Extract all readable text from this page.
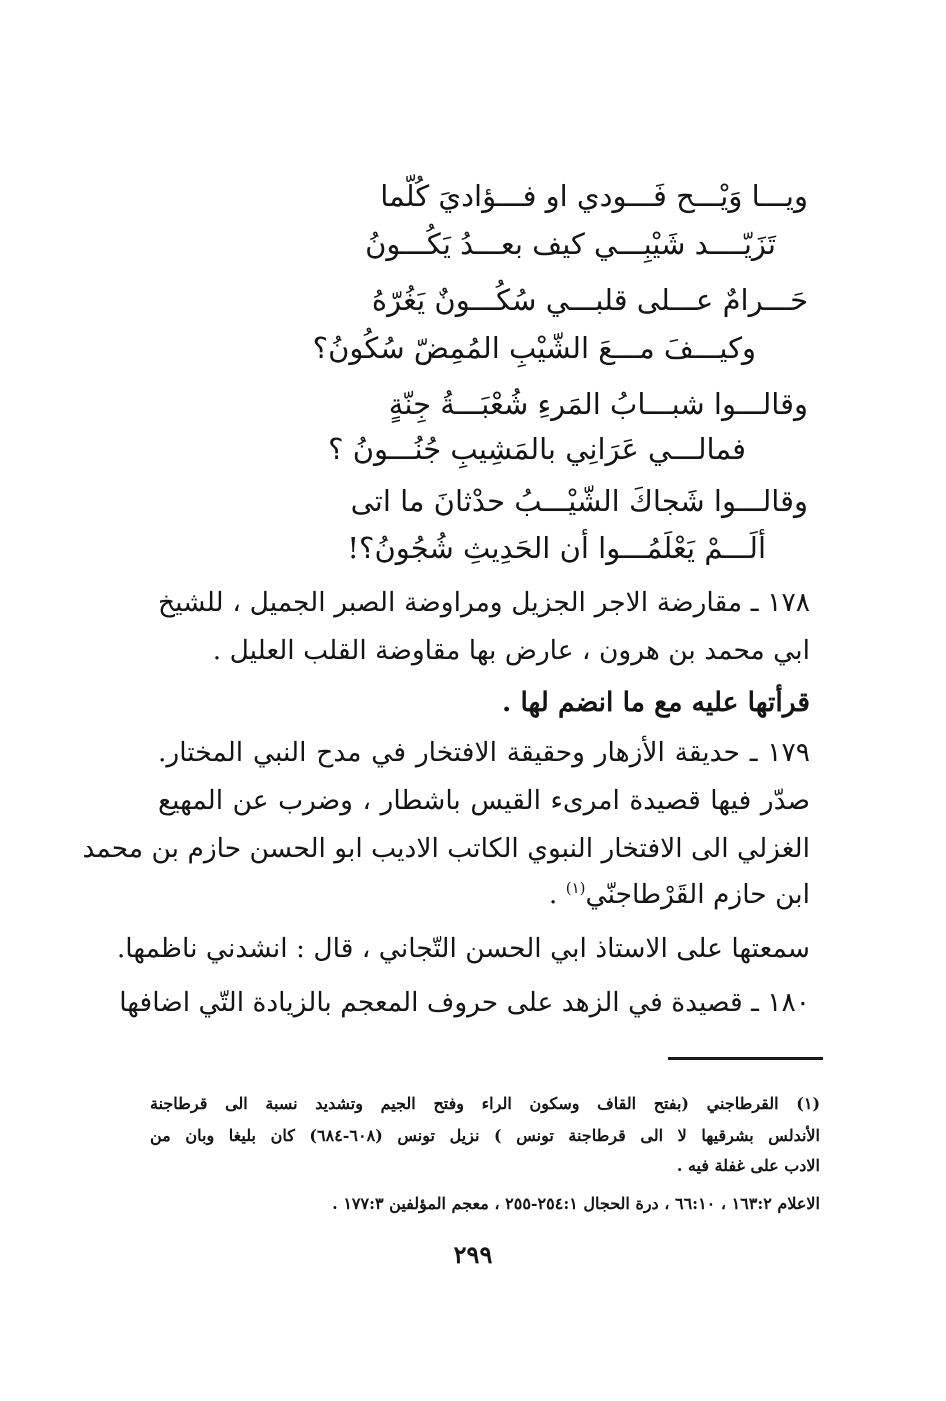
ويـــا وَيْـــح فَـــودي او فـــؤاديَ كُلّما
تَزَيّــــد شَيْبِـــي كيف بعـــدُ يَكُـــونُ
حَـــرامٌ عـــلى قلبـــي سُكُـــونٌ يَغُرّهُ
وكيـــفَ مـــعَ الشّيْبِ المُمِضّ سُكُونُ؟
وقالـــوا شبـــابُ المَرءِ شُعْبَـــةُ جِنّةٍ
فمالـــي عَرَانِي بالمَشِيبِ جُنُـــونُ ؟
وقالـــوا شَجاكَ الشّيْـــبُ حدْثانَ ما اتى
ألَـــمْ يَعْلَمُـــوا أن الحَدِيثِ شُجُونُ؟!
١٧٨ ـ مقارضة الاجر الجزيل ومراوضة الصبر الجميل ، للشيخ
ابي محمد بن هرون ، عارض بها مقاوضة القلب العليل .
قرأتها عليه مع ما انضم لها .
١٧٩ ـ حديقة الأزهار وحقيقة الافتخار في مدح النبي المختار.
صدّر فيها قصيدة امرىء القيس باشطار ، وضرب عن المهيع
الغزلي الى الافتخار النبوي الكاتب الاديب ابو الحسن حازم بن محمد
ابن حازم القَرْطاجنّي$^{(١)}$ .
سمعتها على الاستاذ ابي الحسن التّجاني ، قال : انشدني ناظمها.
١٨٠ ـ قصيدة في الزهد على حروف المعجم بالزيادة التّي اضافها
(١) القرطاجني (بفتح القاف وسكون الراء وفتح الجيم وتشديد نسبة الى قرطاجنة
الأندلس بشرقيها لا الى قرطاجنة تونس ) نزيل تونس (٦٠٨-٦٨٤) كان بليغا وبان من
الادب على غفلة فيه .
الاعلام ١٦٣:٢ ، ٦٦:١٠ ، درة الحجال ٢٥٤:١-٢٥٥ ، معجم المؤلفين ١٧٧:٣ .
٢٩٩
